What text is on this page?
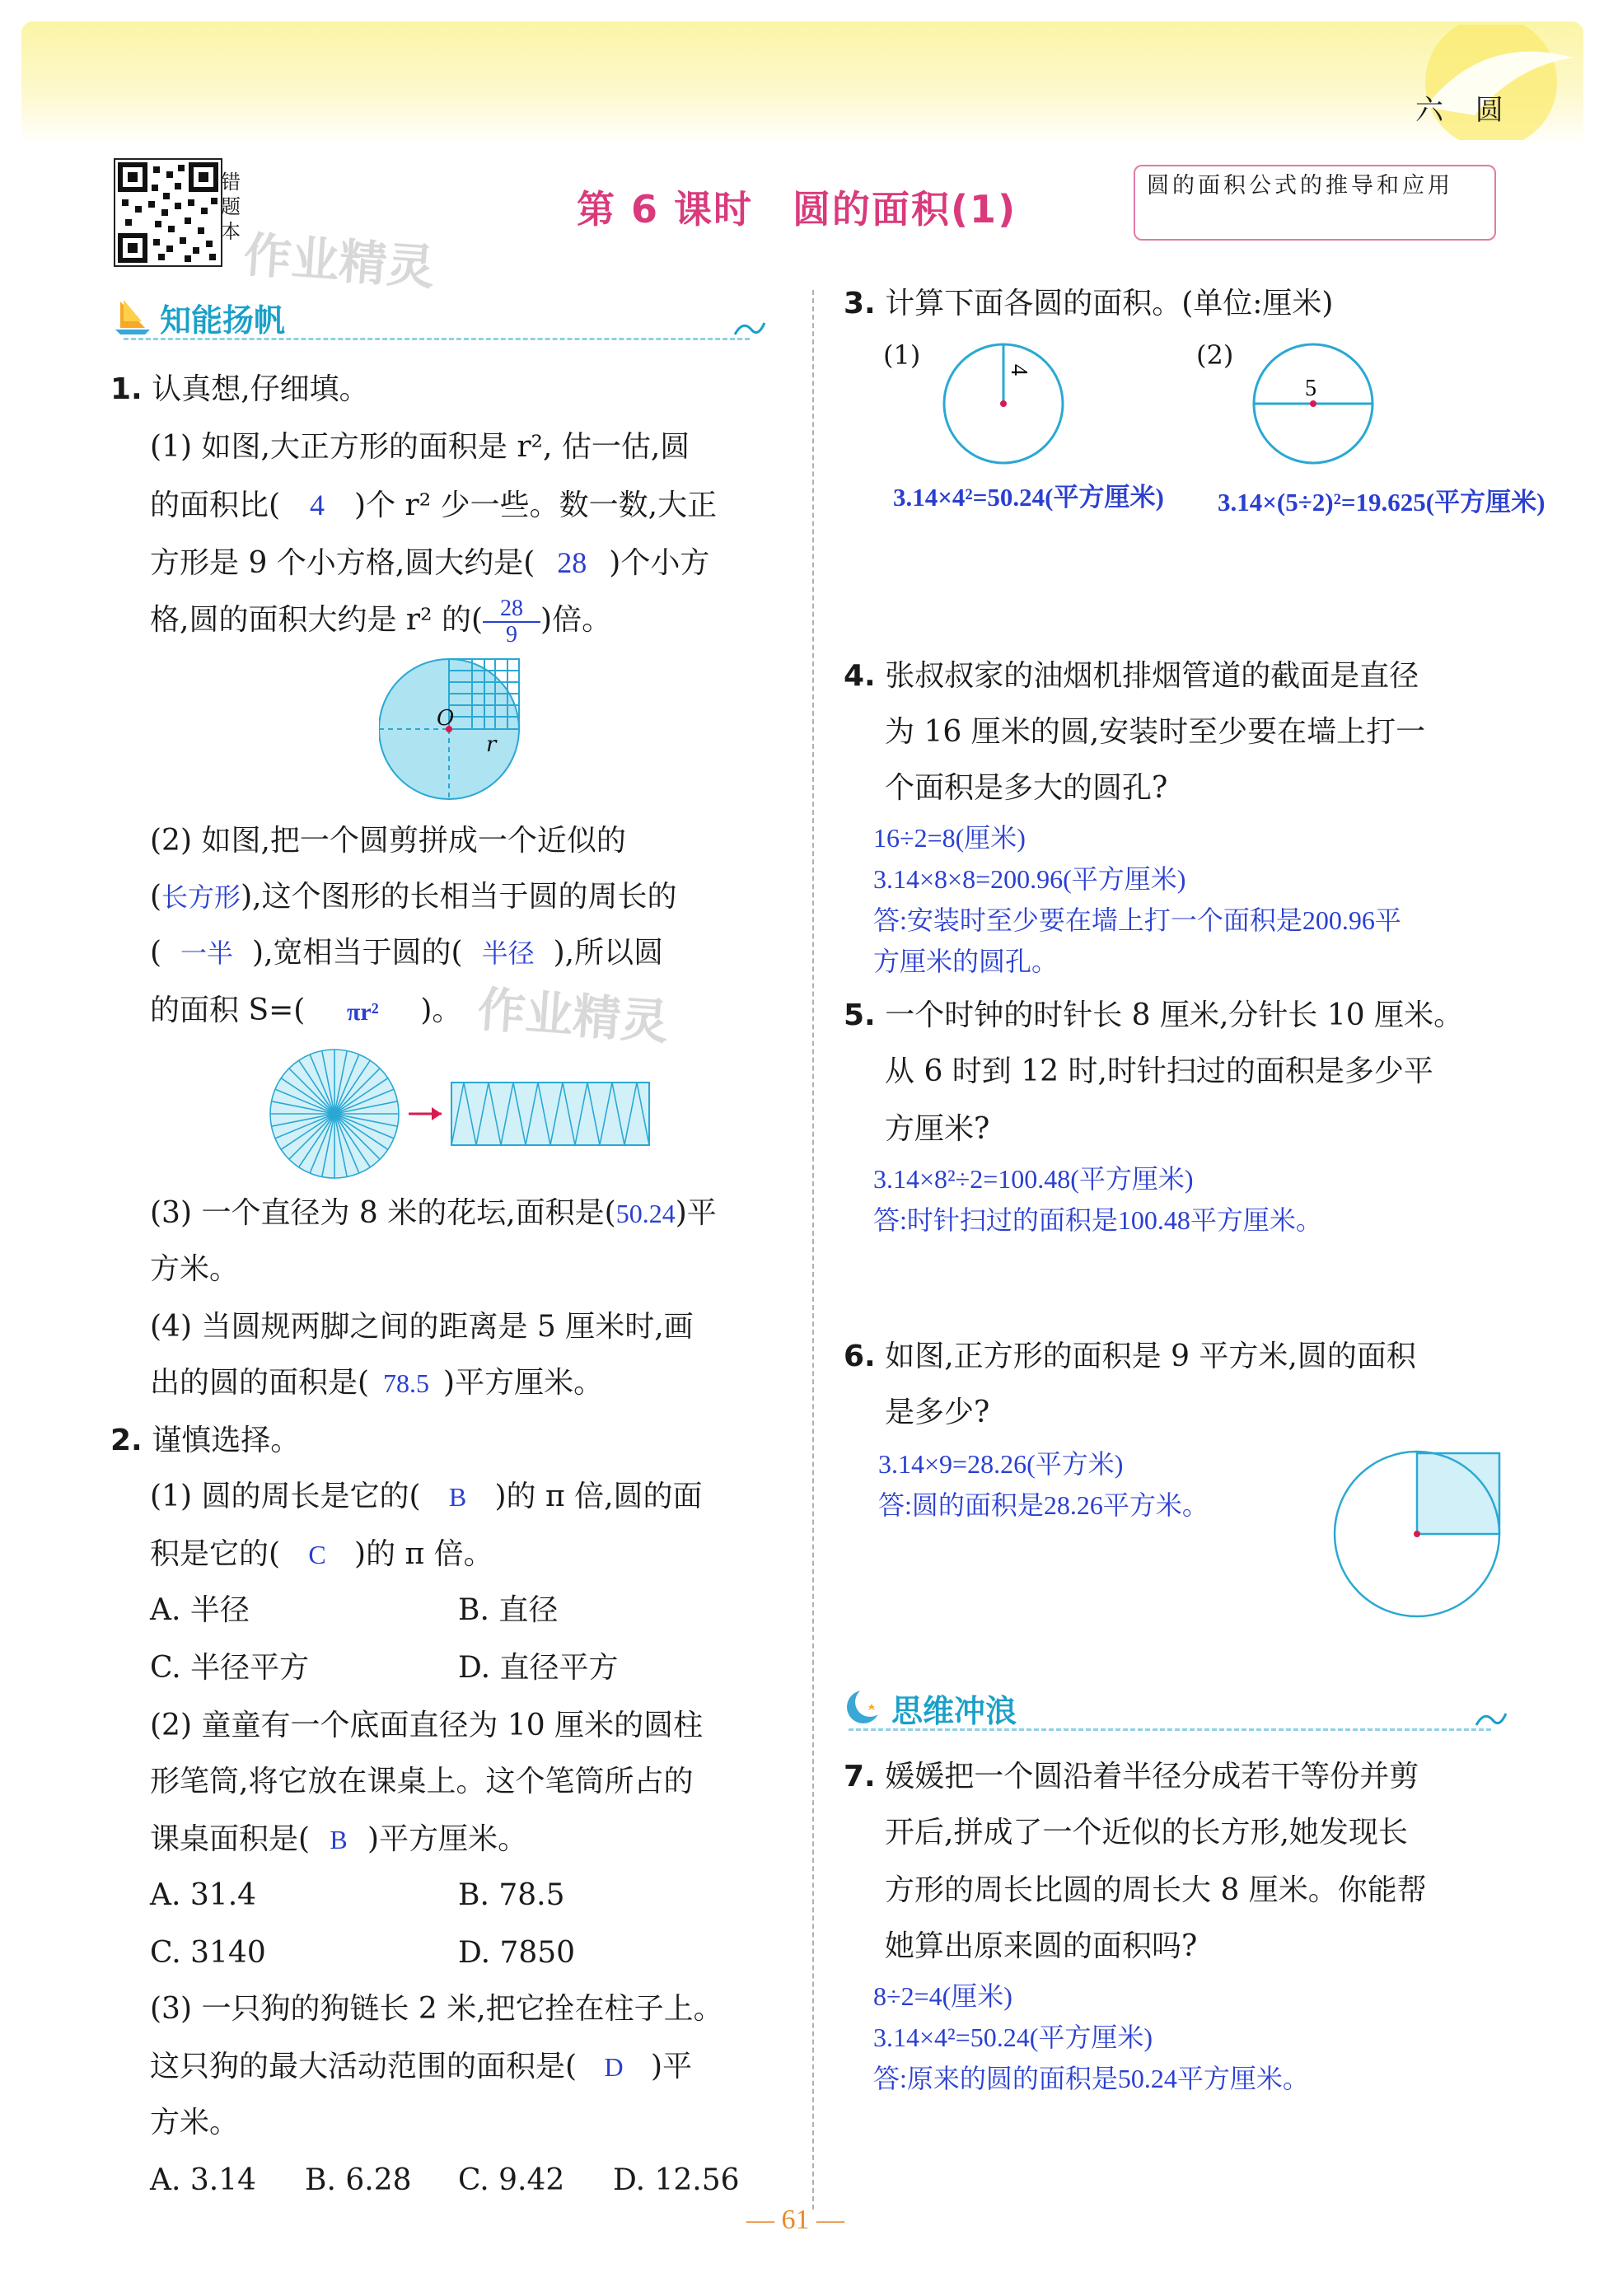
六 圆
错题本 作业精灵
第 6 课时　圆的面积(1)
圆的面积公式的推导和应用
知能扬帆
1. 认真想,仔细填。
(1) 如图,大正方形的面积是 r², 估一估,圆
的面积比( 4 )个 r² 少一些。数一数,大正
方形是 9 个小方格,圆大约是( 28 )个小方
格,圆的面积大约是 r² 的( $\frac{28}{9}$ )倍。
O
r
(2) 如图,把一个圆剪拼成一个近似的
(长方形),这个图形的长相当于圆的周长的
( 一半 ),宽相当于圆的( 半径 ),所以圆
的面积 S=( πr² )。 作业精灵
(3) 一个直径为 8 米的花坛,面积是(50.24)平
方米。
(4) 当圆规两脚之间的距离是 5 厘米时,画
出的圆的面积是( 78.5 )平方厘米。
2. 谨慎选择。
(1) 圆的周长是它的( B )的 π 倍,圆的面
积是它的( C )的 π 倍。
A. 半径	B. 直径
C. 半径平方	D. 直径平方
(2) 童童有一个底面直径为 10 厘米的圆柱
形笔筒,将它放在课桌上。这个笔筒所占的
课桌面积是( B )平方厘米。
A. 31.4	B. 78.5
C. 3140	D. 7850
(3) 一只狗的狗链长 2 米,把它拴在柱子上。
这只狗的最大活动范围的面积是( D )平
方米。
A. 3.14 B. 6.28 C. 9.42 D. 12.56
3. 计算下面各圆的面积。(单位:厘米)
(1)	(2)
4
5
3.14×4²=50.24(平方厘米) 3.14×(5÷2)²=19.625(平方厘米)
4. 张叔叔家的油烟机排烟管道的截面是直径
为 16 厘米的圆,安装时至少要在墙上打一
个面积是多大的圆孔?
16÷2=8(厘米)
3.14×8×8=200.96(平方厘米)
答:安装时至少要在墙上打一个面积是200.96平
方厘米的圆孔。
5. 一个时钟的时针长 8 厘米,分针长 10 厘米。
从 6 时到 12 时,时针扫过的面积是多少平
方厘米?
3.14×8²÷2=100.48(平方厘米)
答:时针扫过的面积是100.48平方厘米。
6. 如图,正方形的面积是 9 平方米,圆的面积
是多少?
3.14×9=28.26(平方米)
答:圆的面积是28.26平方米。
思维冲浪
7. 媛媛把一个圆沿着半径分成若干等份并剪
开后,拼成了一个近似的长方形,她发现长
方形的周长比圆的周长大 8 厘米。你能帮
她算出原来圆的面积吗?
8÷2=4(厘米)
3.14×4²=50.24(平方厘米)
答:原来的圆的面积是50.24平方厘米。
— 61 —
